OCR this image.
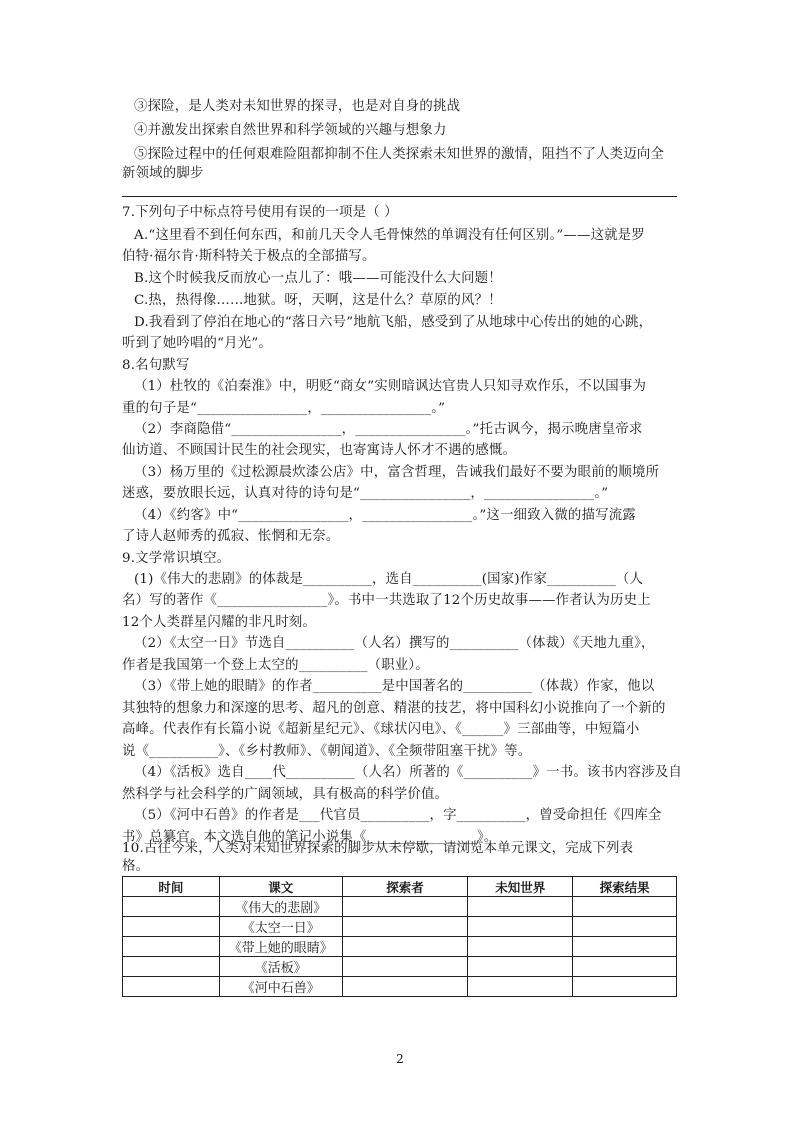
③探险，是人类对未知世界的探寻，也是对自身的挑战
④并激发出探索自然世界和科学领域的兴趣与想象力
⑤探险过程中的任何艰难险阻都抑制不住人类探索未知世界的激情，阻挡不了人类迈向全
新领域的脚步
7.下列句子中标点符号使用有误的一项是（ ）
A.“这里看不到任何东西，和前几天令人毛骨悚然的单调没有任何区别。”——这就是罗
伯特·福尔肯·斯科特关于极点的全部描写。
B.这个时候我反而放心一点儿了：哦——可能没什么大问题！
C.热，热得像……地狱。呀，天啊，这是什么？草原的风？！
D.我看到了停泊在地心的“落日六号”地航飞船，感受到了从地球中心传出的她的心跳，
听到了她吟唱的“月光”。
8.名句默写
（1）杜牧的《泊秦淮》中，明贬“商女”实则暗讽达官贵人只知寻欢作乐，不以国事为
重的句子是“________________，________________。”
（2）李商隐借“________________，________________。”托古讽今，揭示晚唐皇帝求
仙访道、不顾国计民生的社会现实，也寄寓诗人怀才不遇的感慨。
（3）杨万里的《过松源晨炊漆公店》中，富含哲理，告诫我们最好不要为眼前的顺境所
迷惑，要放眼长远，认真对待的诗句是“________________，________________。”
（4）《约客》中“________________，________________。”这一细致入微的描写流露
了诗人赵师秀的孤寂、怅惘和无奈。
9.文学常识填空。
(1)《伟大的悲剧》的体裁是__________，选自__________(国家)作家__________（人
名）写的著作《________________》。书中一共选取了12个历史故事——作者认为历史上
12个人类群星闪耀的非凡时刻。
（2）《太空一日》节选自__________（人名）撰写的__________（体裁）《天地九重》，
作者是我国第一个登上太空的__________（职业）。
（3）《带上她的眼睛》的作者__________是中国著名的__________（体裁）作家，他以
其独特的想象力和深邃的思考、超凡的创意、精湛的技艺，将中国科幻小说推向了一个新的
高峰。代表作有长篇小说《超新星纪元》、《球状闪电》、《______》三部曲等，中短篇小
说《__________》、《乡村教师》、《朝闻道》、《全频带阻塞干扰》等。
（4）《活板》选自____代__________（人名）所著的《__________》一书。该书内容涉及自
然科学与社会科学的广阔领域，具有极高的科学价值。
（5）《河中石兽》的作者是___代官员__________，字__________，曾受命担任《四库全
书》总纂官。本文选自他的笔记小说集《________________》。
10.古往今来，人类对未知世界探索的脚步从未停歇，请浏览本单元课文，完成下列表
格。
时间	课文	探索者	未知世界	探索结果
	《伟大的悲剧》			
	《太空一日》			
	《带上她的眼睛》			
	《活板》			
	《河中石兽》			
2
